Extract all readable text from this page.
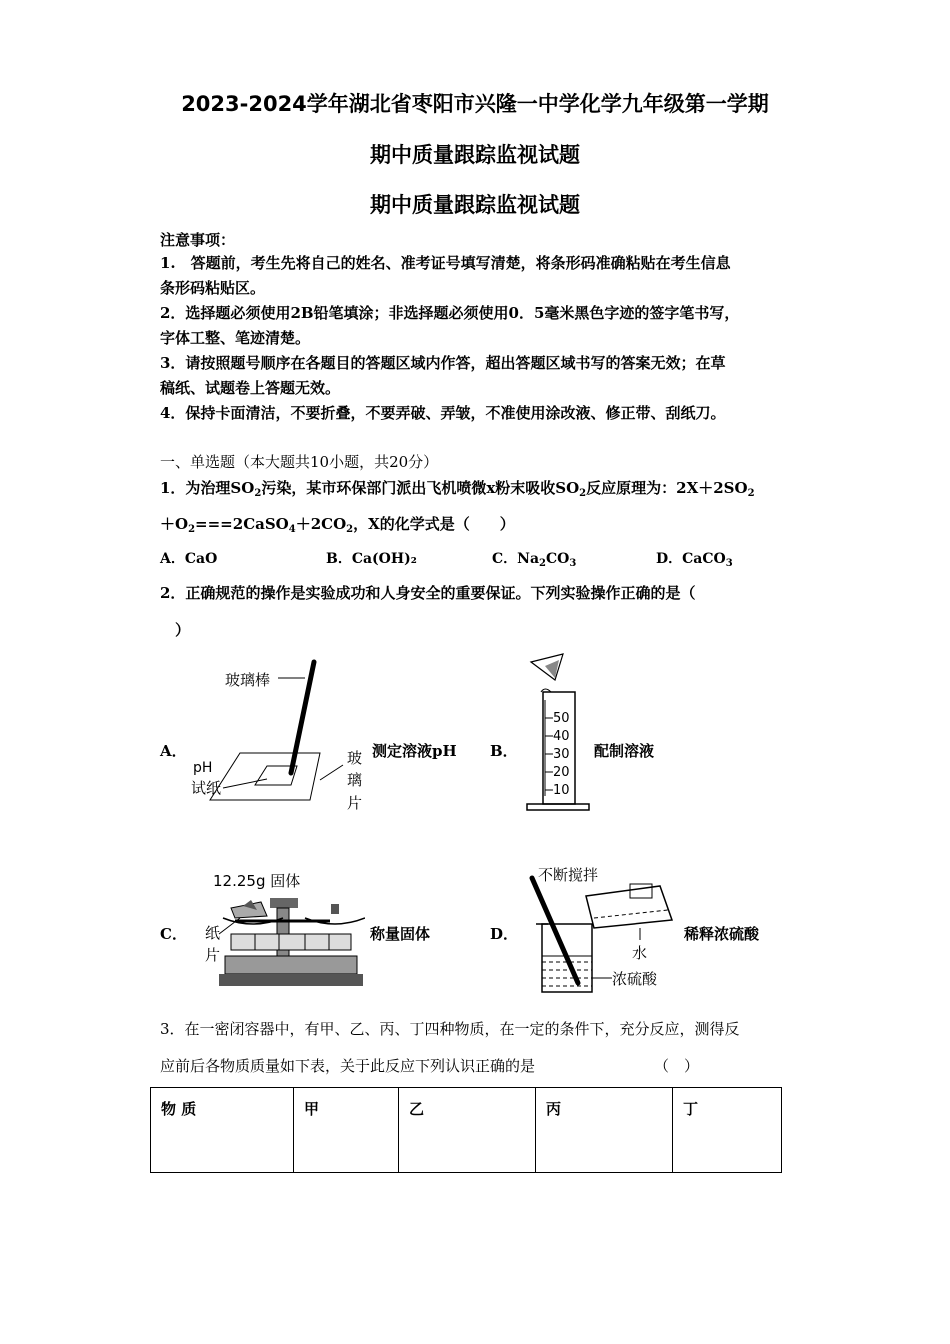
2023-2024学年湖北省枣阳市兴隆一中学化学九年级第一学期
期中质量跟踪监视试题
期中质量跟踪监视试题
注意事项：
1.　答题前，考生先将自己的姓名、准考证号填写清楚，将条形码准确粘贴在考生信息
条形码粘贴区。
2．选择题必须使用2B铅笔填涂；非选择题必须使用0．5毫米黑色字迹的签字笔书写，
字体工整、笔迹清楚。
3．请按照题号顺序在各题目的答题区域内作答，超出答题区域书写的答案无效；在草
稿纸、试题卷上答题无效。
4．保持卡面清洁，不要折叠，不要弄破、弄皱，不准使用涂改液、修正带、刮纸刀。
一、单选题（本大题共10小题，共20分）
1．为治理$SO_2$污染，某市环保部门派出飞机喷微x粉末吸收$SO_2$反应原理为：$2X+2SO_2$
$+O_2===2CaSO_4+2CO_2$，X的化学式是（　　）
A．CaO	B．Ca(OH)₂	C．$Na_2CO_3$	D．CaCO$_3$
2．正确规范的操作是实验成功和人身安全的重要保证。下列实验操作正确的是（
）
A．	测定溶液pH B．	配制溶液
C．	称量固体	D．	稀释浓硫酸
玻璃棒
pH
试纸
玻
璃
片
50
40
30
20
10
12.25g 固体
纸
片
不断搅拌
水
浓硫酸
3．在一密闭容器中，有甲、乙、丙、丁四种物质，在一定的条件下，充分反应，测得反
应前后各物质质量如下表，关于此反应下列认识正确的是	（　）
物 质	甲	乙	丙	丁
